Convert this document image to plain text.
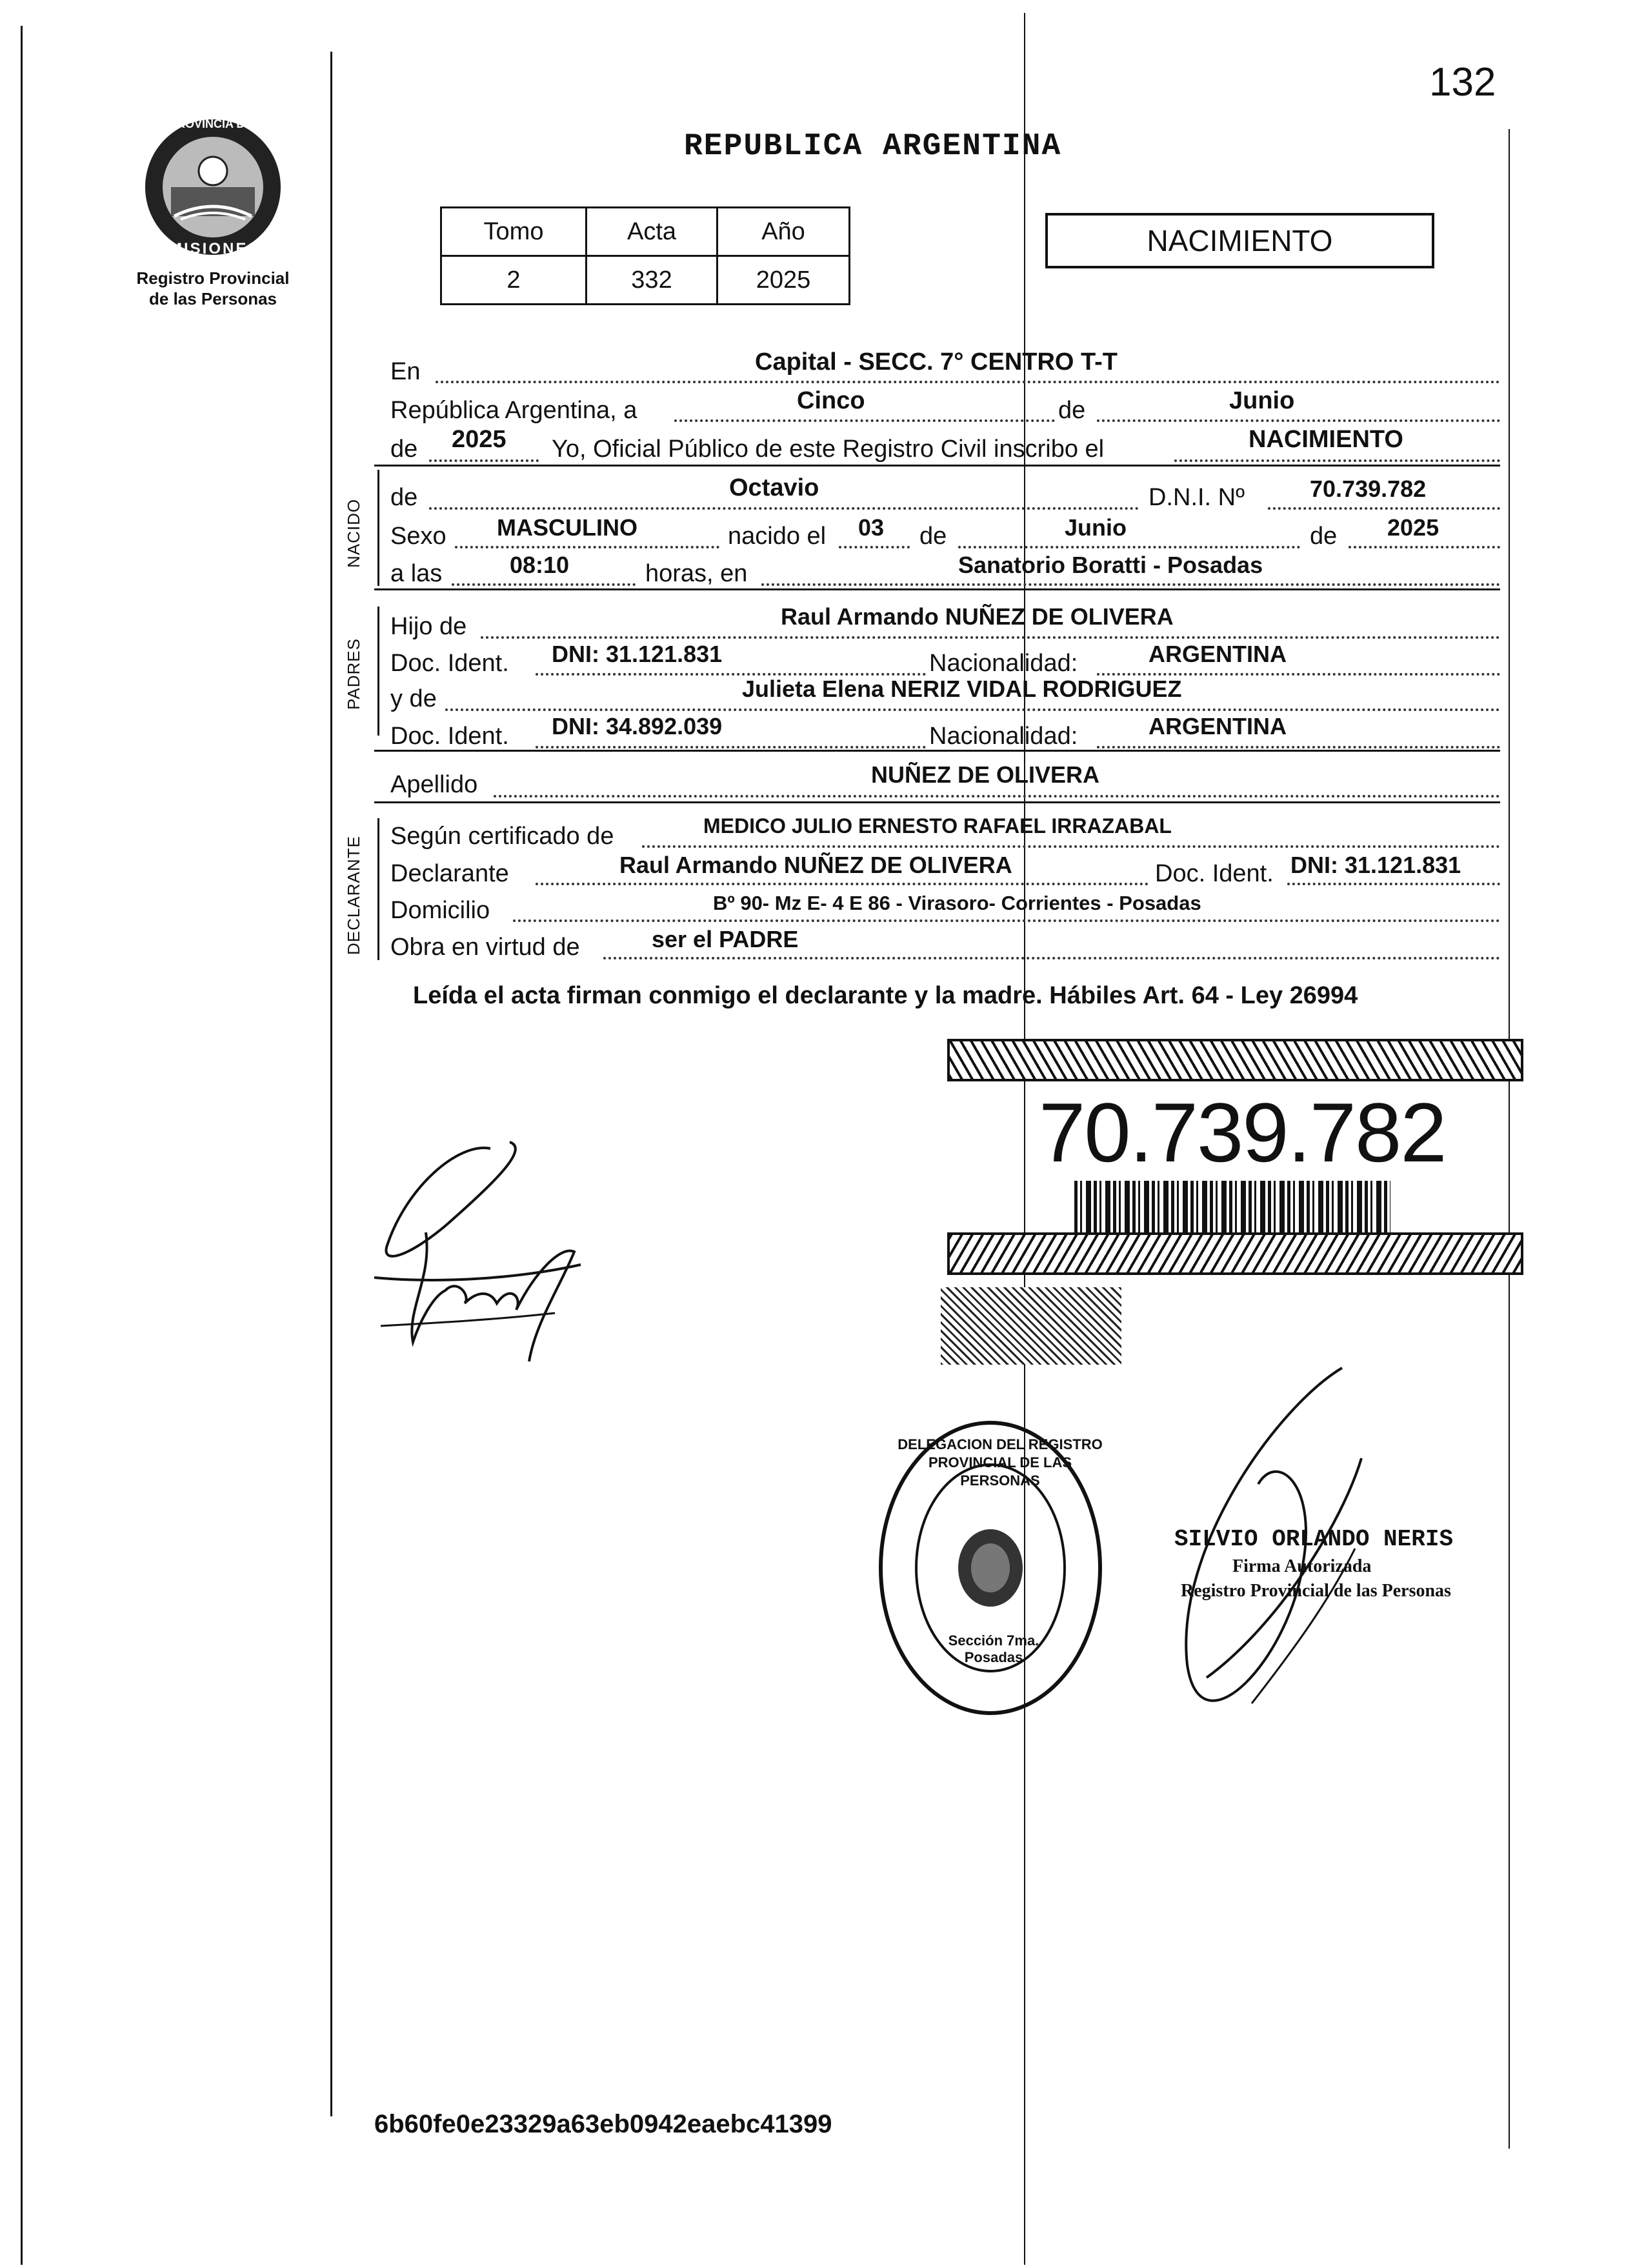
132
PROVINCIA DE
MISIONES
Registro Provincial
de las Personas
REPUBLICA ARGENTINA
Tomo	Acta	Año
2	332	2025
NACIMIENTO
En	Capital - SECC. 7° CENTRO T-T
República Argentina, a	Cinco	de	Junio
de 2025 Yo, Oficial Público de este Registro Civil inscribo el	NACIMIENTO
NACIDO
de	Octavio	D.N.I. Nº	70.739.782
Sexo MASCULINO	nacido el 03 de	Junio	de 2025
a las	08:10	horas, en	Sanatorio Boratti - Posadas
PADRES
Hijo de	Raul Armando NUÑEZ DE OLIVERA
Doc. Ident. DNI: 31.121.831	Nacionalidad:	ARGENTINA
y de	Julieta Elena NERIZ VIDAL RODRIGUEZ
Doc. Ident. DNI: 34.892.039	Nacionalidad:	ARGENTINA
Apellido	NUÑEZ DE OLIVERA
DECLARANTE Según certificado de	MEDICO JULIO ERNESTO RAFAEL IRRAZABAL
Declarante	Raul Armando NUÑEZ DE OLIVERA	Doc. Ident. DNI: 31.121.831
Domicilio	Bº 90- Mz E- 4 E 86 - Virasoro- Corrientes - Posadas
Obra en virtud de	ser el PADRE
Leída el acta firman conmigo el declarante y la madre. Hábiles Art. 64 - Ley 26994
70.739.782
DELEGACION DEL REGISTRO PROVINCIAL DE LAS PERSONAS
Sección 7ma. Posadas
SILVIO ORLANDO NERIS
Firma Autorizada
Registro Provincial de las Personas
6b60fe0e23329a63eb0942eaebc41399
